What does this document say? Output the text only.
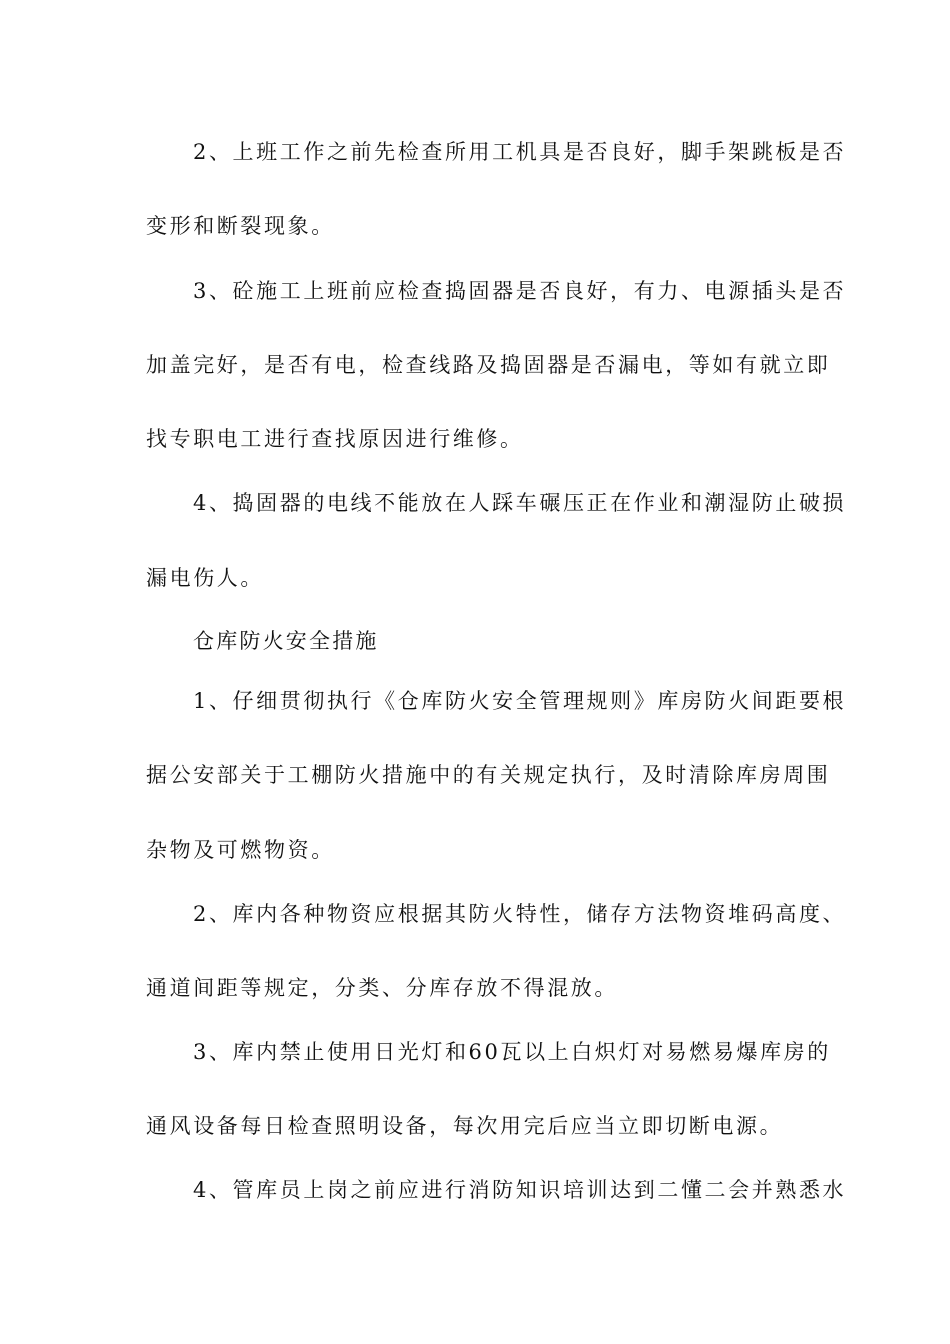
2、上班工作之前先检查所用工机具是否良好，脚手架跳板是否
变形和断裂现象。
3、砼施工上班前应检查捣固器是否良好，有力、电源插头是否
加盖完好，是否有电，检查线路及捣固器是否漏电，等如有就立即
找专职电工进行查找原因进行维修。
4、捣固器的电线不能放在人踩车碾压正在作业和潮湿防止破损
漏电伤人。
仓库防火安全措施
1、仔细贯彻执行《仓库防火安全管理规则》库房防火间距要根
据公安部关于工棚防火措施中的有关规定执行，及时清除库房周围
杂物及可燃物资。
2、库内各种物资应根据其防火特性，储存方法物资堆码高度、
通道间距等规定，分类、分库存放不得混放。
3、库内禁止使用日光灯和60瓦以上白炽灯对易燃易爆库房的
通风设备每日检查照明设备，每次用完后应当立即切断电源。
4、管库员上岗之前应进行消防知识培训达到二懂二会并熟悉水
